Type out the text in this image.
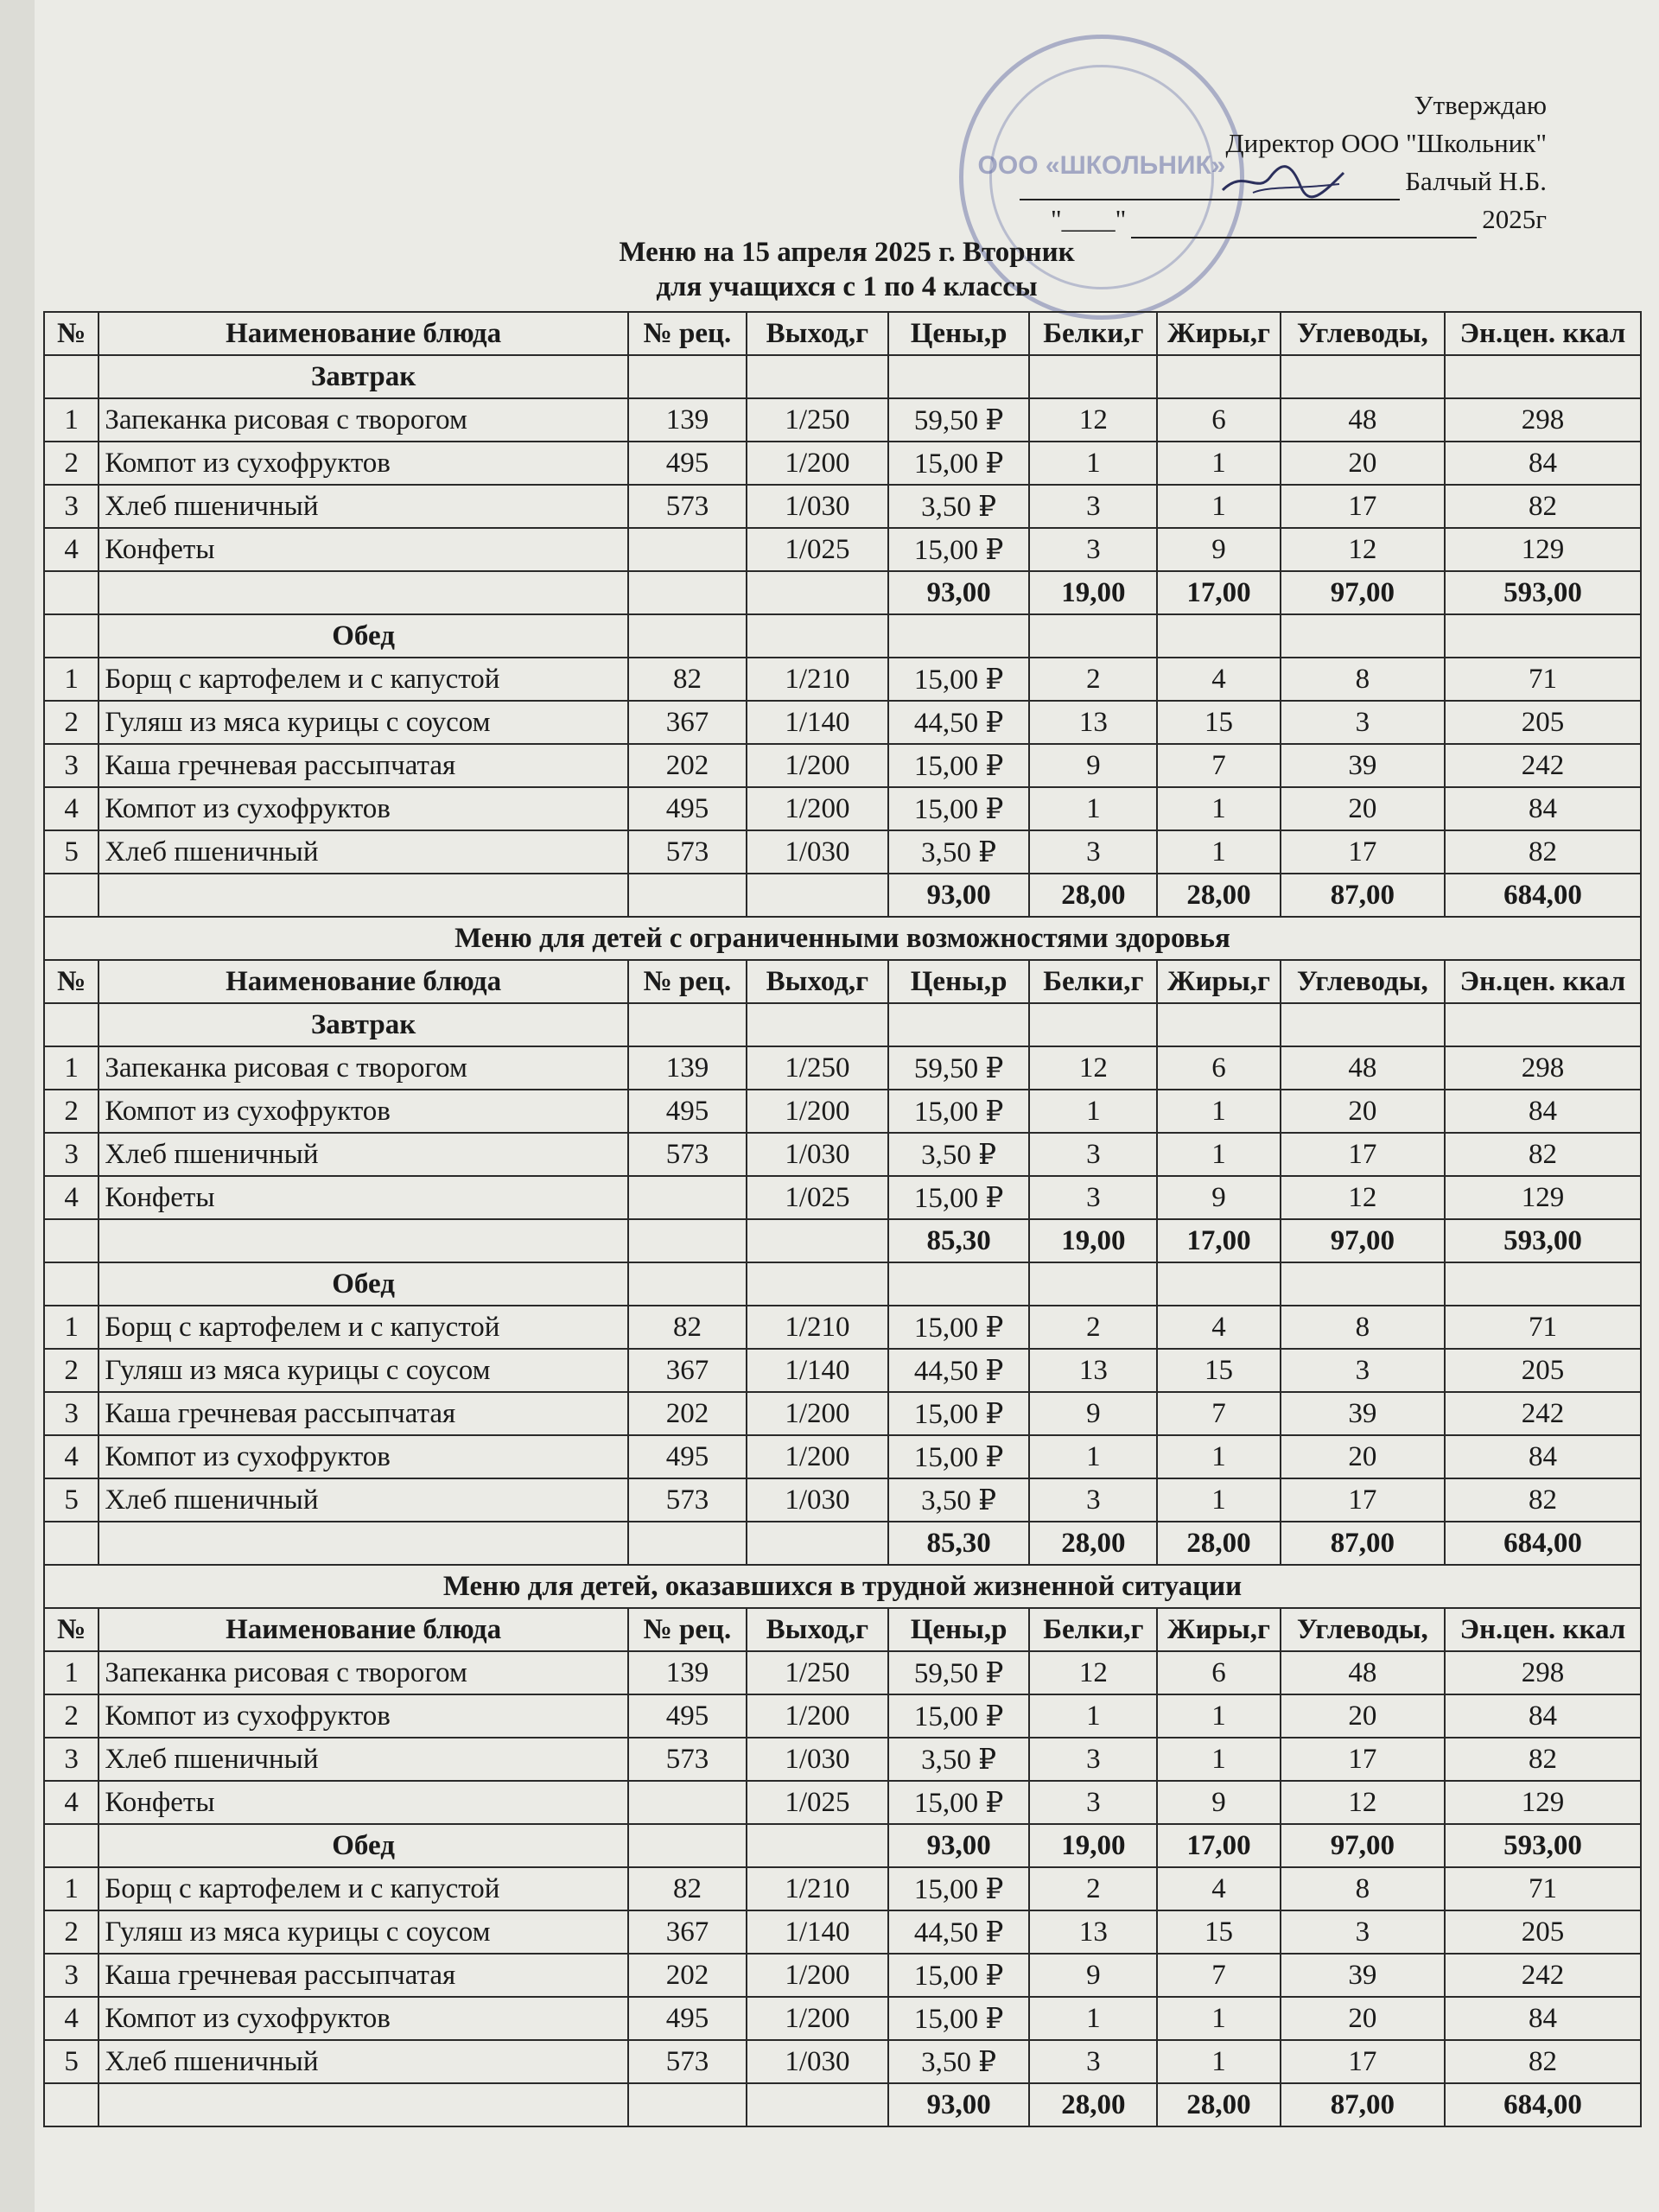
ООО «ШКОЛЬНИК»
Утверждаю
Директор ООО "Школьник"
Балчый Н.Б.
"____"	2025г
Меню на 15 апреля 2025 г. Вторник
для учащихся с 1 по 4 классы
№	Наименование блюда	№ рец.	Выход,г	Цены,р	Белки,г	Жиры,г	Углеводы,	Эн.цен. ккал
	Завтрак							
1	Запеканка рисовая с творогом	139	1/250	59,50 ₽	12	6	48	298
2	Компот из сухофруктов	495	1/200	15,00 ₽	1	1	20	84
3	Хлеб пшеничный	573	1/030	3,50 ₽	3	1	17	82
4	Конфеты		1/025	15,00 ₽	3	9	12	129
				93,00	19,00	17,00	97,00	593,00
	Обед							
1	Борщ с картофелем и с капустой	82	1/210	15,00 ₽	2	4	8	71
2	Гуляш из мяса курицы с соусом	367	1/140	44,50 ₽	13	15	3	205
3	Каша гречневая рассыпчатая	202	1/200	15,00 ₽	9	7	39	242
4	Компот из сухофруктов	495	1/200	15,00 ₽	1	1	20	84
5	Хлеб пшеничный	573	1/030	3,50 ₽	3	1	17	82
				93,00	28,00	28,00	87,00	684,00
Меню для детей с ограниченными возможностями здоровья								
№	Наименование блюда	№ рец.	Выход,г	Цены,р	Белки,г	Жиры,г	Углеводы,	Эн.цен. ккал
	Завтрак							
1	Запеканка рисовая с творогом	139	1/250	59,50 ₽	12	6	48	298
2	Компот из сухофруктов	495	1/200	15,00 ₽	1	1	20	84
3	Хлеб пшеничный	573	1/030	3,50 ₽	3	1	17	82
4	Конфеты		1/025	15,00 ₽	3	9	12	129
				85,30	19,00	17,00	97,00	593,00
	Обед							
1	Борщ с картофелем и с капустой	82	1/210	15,00 ₽	2	4	8	71
2	Гуляш из мяса курицы с соусом	367	1/140	44,50 ₽	13	15	3	205
3	Каша гречневая рассыпчатая	202	1/200	15,00 ₽	9	7	39	242
4	Компот из сухофруктов	495	1/200	15,00 ₽	1	1	20	84
5	Хлеб пшеничный	573	1/030	3,50 ₽	3	1	17	82
				85,30	28,00	28,00	87,00	684,00
Меню для детей, оказавшихся в трудной жизненной ситуации								
№	Наименование блюда	№ рец.	Выход,г	Цены,р	Белки,г	Жиры,г	Углеводы,	Эн.цен. ккал
1	Запеканка рисовая с творогом	139	1/250	59,50 ₽	12	6	48	298
2	Компот из сухофруктов	495	1/200	15,00 ₽	1	1	20	84
3	Хлеб пшеничный	573	1/030	3,50 ₽	3	1	17	82
4	Конфеты		1/025	15,00 ₽	3	9	12	129
	Обед			93,00	19,00	17,00	97,00	593,00
1	Борщ с картофелем и с капустой	82	1/210	15,00 ₽	2	4	8	71
2	Гуляш из мяса курицы с соусом	367	1/140	44,50 ₽	13	15	3	205
3	Каша гречневая рассыпчатая	202	1/200	15,00 ₽	9	7	39	242
4	Компот из сухофруктов	495	1/200	15,00 ₽	1	1	20	84
5	Хлеб пшеничный	573	1/030	3,50 ₽	3	1	17	82
				93,00	28,00	28,00	87,00	684,00
